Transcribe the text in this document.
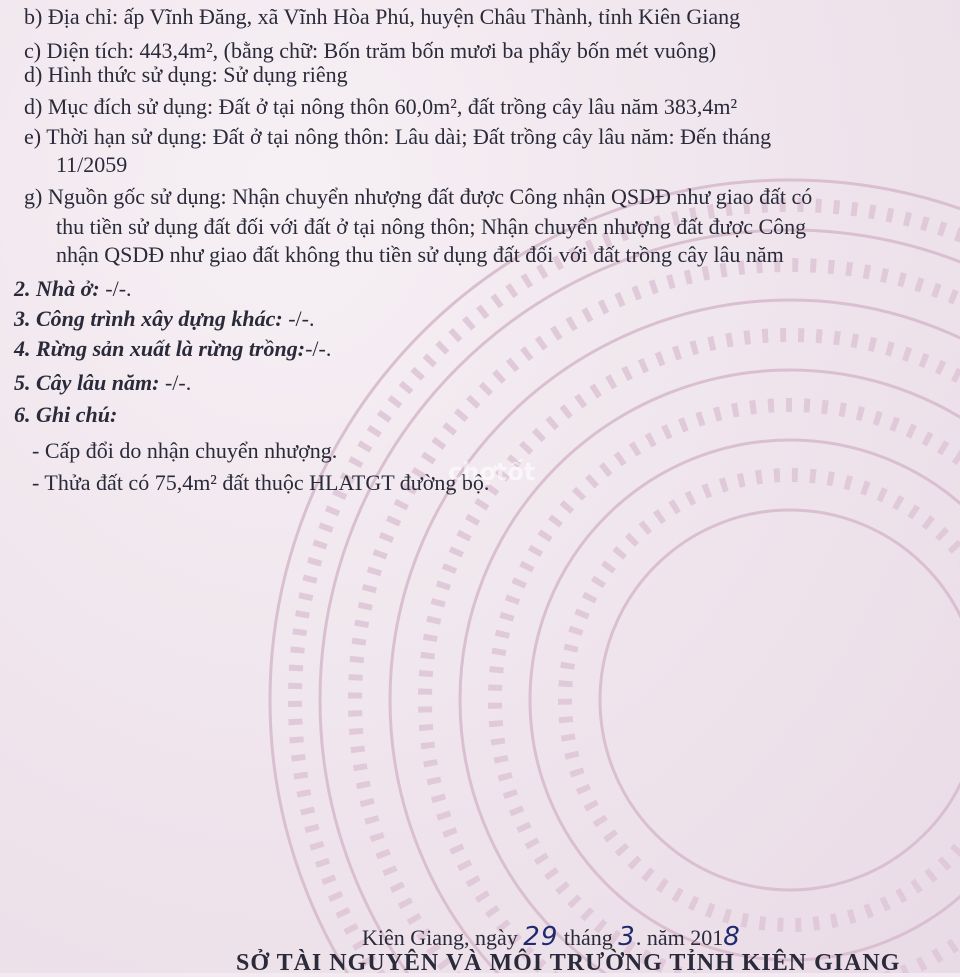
b) Địa chỉ: ấp Vĩnh Đăng, xã Vĩnh Hòa Phú, huyện Châu Thành, tỉnh Kiên Giang
c) Diện tích: 443,4m², (bằng chữ: Bốn trăm bốn mươi ba phẩy bốn mét vuông)
d) Hình thức sử dụng: Sử dụng riêng
d) Mục đích sử dụng: Đất ở tại nông thôn 60,0m², đất trồng cây lâu năm 383,4m²
e) Thời hạn sử dụng: Đất ở tại nông thôn: Lâu dài; Đất trồng cây lâu năm: Đến tháng
11/2059
g) Nguồn gốc sử dụng: Nhận chuyển nhượng đất được Công nhận QSDĐ như giao đất có
thu tiền sử dụng đất đối với đất ở tại nông thôn; Nhận chuyển nhượng đất được Công
nhận QSDĐ như giao đất không thu tiền sử dụng đất đối với đất trồng cây lâu năm
2. Nhà ở: -/-.
3. Công trình xây dựng khác: -/-.
4. Rừng sản xuất là rừng trồng:-/-.
5. Cây lâu năm: -/-.
6. Ghi chú:
- Cấp đổi do nhận chuyển nhượng.
- Thửa đất có 75,4m² đất thuộc HLATGT đường bộ.
chợtốt
Kiên Giang, ngày 29 tháng 3. năm 2018
SỞ TÀI NGUYÊN VÀ MÔI TRƯỜNG TỈNH KIÊN GIANG
